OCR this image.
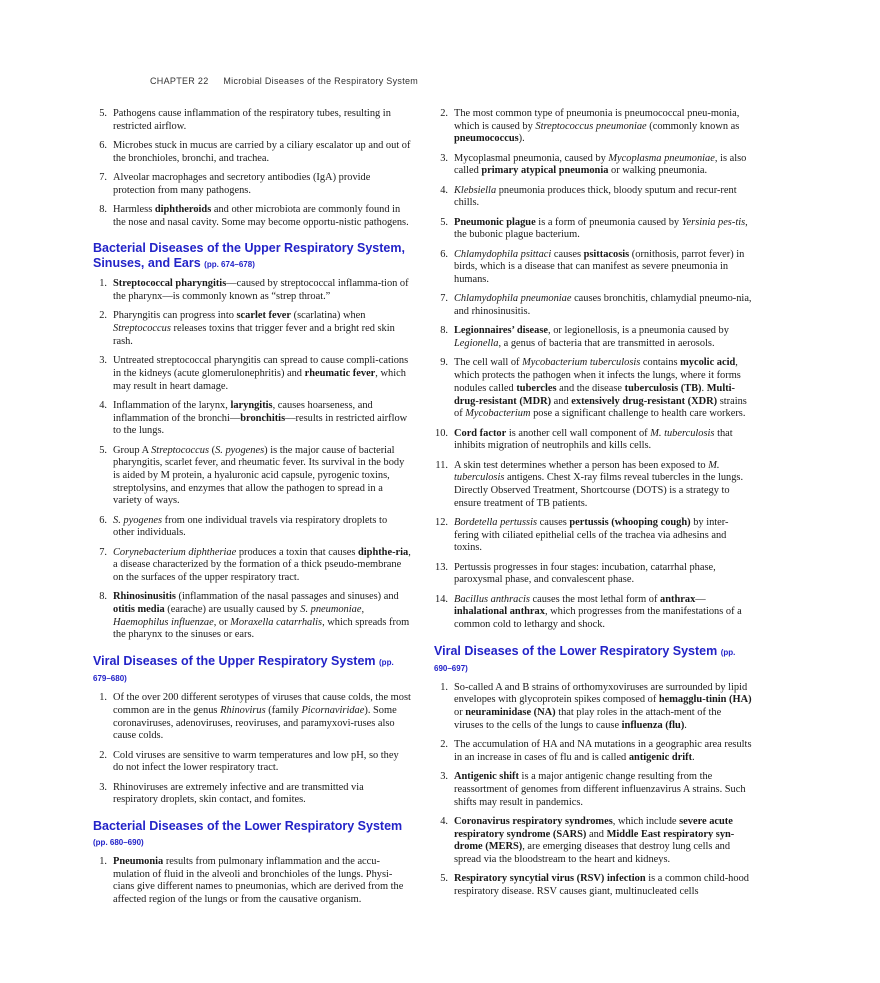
CHAPTER 22 Microbial Diseases of the Respiratory System
5. Pathogens cause inflammation of the respiratory tubes, resulting in restricted airflow.
6. Microbes stuck in mucus are carried by a ciliary escalator up and out of the bronchioles, bronchi, and trachea.
7. Alveolar macrophages and secretory antibodies (IgA) provide protection from many pathogens.
8. Harmless diphtheroids and other microbiota are commonly found in the nose and nasal cavity. Some may become opportu-nistic pathogens.
Bacterial Diseases of the Upper Respiratory System, Sinuses, and Ears (pp. 674–678)
1. Streptococcal pharyngitis—caused by streptococcal inflamma-tion of the pharynx—is commonly known as “strep throat.”
2. Pharyngitis can progress into scarlet fever (scarlatina) when Streptococcus releases toxins that trigger fever and a bright red skin rash.
3. Untreated streptococcal pharyngitis can spread to cause compli-cations in the kidneys (acute glomerulonephritis) and rheumatic fever, which may result in heart damage.
4. Inflammation of the larynx, laryngitis, causes hoarseness, and inflammation of the bronchi—bronchitis—results in restricted airflow to the lungs.
5. Group A Streptococcus (S. pyogenes) is the major cause of bacterial pharyngitis, scarlet fever, and rheumatic fever. Its survival in the body is aided by M protein, a hyaluronic acid capsule, pyrogenic toxins, streptolysins, and enzymes that allow the pathogen to spread in a variety of ways.
6. S. pyogenes from one individual travels via respiratory droplets to other individuals.
7. Corynebacterium diphtheriae produces a toxin that causes diphthe-ria, a disease characterized by the formation of a thick pseudo-membrane on the surfaces of the upper respiratory tract.
8. Rhinosinusitis (inflammation of the nasal passages and sinuses) and otitis media (earache) are usually caused by S. pneumoniae, Haemophilus influenzae, or Moraxella catarrhalis, which spreads from the pharynx to the sinuses or ears.
Viral Diseases of the Upper Respiratory System (pp. 679–680)
1. Of the over 200 different serotypes of viruses that cause colds, the most common are in the genus Rhinovirus (family Picornaviridae). Some coronaviruses, adenoviruses, reoviruses, and paramyxovi-ruses also cause colds.
2. Cold viruses are sensitive to warm temperatures and low pH, so they do not infect the lower respiratory tract.
3. Rhinoviruses are extremely infective and are transmitted via respiratory droplets, skin contact, and fomites.
Bacterial Diseases of the Lower Respiratory System (pp. 680–690)
1. Pneumonia results from pulmonary inflammation and the accu-mulation of fluid in the alveoli and bronchioles of the lungs. Physi-cians give different names to pneumonias, which are derived from the affected region of the lungs or from the causative organism.
2. The most common type of pneumonia is pneumococcal pneu-monia, which is caused by Streptococcus pneumoniae (commonly known as pneumococcus).
3. Mycoplasmal pneumonia, caused by Mycoplasma pneumoniae, is also called primary atypical pneumonia or walking pneumonia.
4. Klebsiella pneumonia produces thick, bloody sputum and recur-rent chills.
5. Pneumonic plague is a form of pneumonia caused by Yersinia pes-tis, the bubonic plague bacterium.
6. Chlamydophila psittaci causes psittacosis (ornithosis, parrot fever) in birds, which is a disease that can manifest as severe pneumonia in humans.
7. Chlamydophila pneumoniae causes bronchitis, chlamydial pneumo-nia, and rhinosinusitis.
8. Legionnaires’ disease, or legionellosis, is a pneumonia caused by Legionella, a genus of bacteria that are transmitted in aerosols.
9. The cell wall of Mycobacterium tuberculosis contains mycolic acid, which protects the pathogen when it infects the lungs, where it forms nodules called tubercles and the disease tuberculosis (TB). Multi-drug-resistant (MDR) and extensively drug-resistant (XDR) strains of Mycobacterium pose a significant challenge to health care workers.
10. Cord factor is another cell wall component of M. tuberculosis that inhibits migration of neutrophils and kills cells.
11. A skin test determines whether a person has been exposed to M. tuberculosis antigens. Chest X-ray films reveal tubercles in the lungs. Directly Observed Treatment, Shortcourse (DOTS) is a strategy to ensure treatment of TB patients.
12. Bordetella pertussis causes pertussis (whooping cough) by inter-fering with ciliated epithelial cells of the trachea via adhesins and toxins.
13. Pertussis progresses in four stages: incubation, catarrhal phase, paroxysmal phase, and convalescent phase.
14. Bacillus anthracis causes the most lethal form of anthrax—inhalational anthrax, which progresses from the manifestations of a common cold to lethargy and shock.
Viral Diseases of the Lower Respiratory System (pp. 690–697)
1. So-called A and B strains of orthomyxoviruses are surrounded by lipid envelopes with glycoprotein spikes composed of hemagglu-tinin (HA) or neuraminidase (NA) that play roles in the attach-ment of the viruses to the cells of the lungs to cause influenza (flu).
2. The accumulation of HA and NA mutations in a geographic area results in an increase in cases of flu and is called antigenic drift.
3. Antigenic shift is a major antigenic change resulting from the reassortment of genomes from different influenzavirus A strains. Such shifts may result in pandemics.
4. Coronavirus respiratory syndromes, which include severe acute respiratory syndrome (SARS) and Middle East respiratory syn-drome (MERS), are emerging diseases that destroy lung cells and spread via the bloodstream to the heart and kidneys.
5. Respiratory syncytial virus (RSV) infection is a common child-hood respiratory disease. RSV causes giant, multinucleated cells
